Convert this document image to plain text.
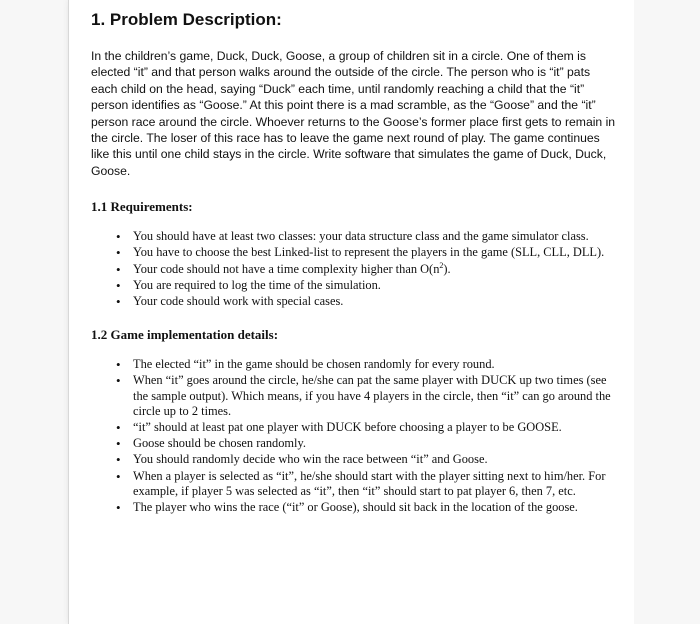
1. Problem Description:

In the children’s game, Duck, Duck, Goose, a group of children sit in a circle. One of them is elected “it” and that person walks around the outside of the circle. The person who is “it” pats each child on the head, saying “Duck” each time, until randomly reaching a child that the “it” person identifies as “Goose.” At this point there is a mad scramble, as the “Goose” and the “it” person race around the circle. Whoever returns to the Goose’s former place first gets to remain in the circle. The loser of this race has to leave the game next round of play. The game continues like this until one child stays in the circle. Write software that simulates the game of Duck, Duck, Goose.

1.1 Requirements:
• You should have at least two classes: your data structure class and the game simulator class.
• You have to choose the best Linked-list to represent the players in the game (SLL, CLL, DLL).
• Your code should not have a time complexity higher than $O(n^2)$.
• You are required to log the time of the simulation.
• Your code should work with special cases.
1.2 Game implementation details:
• The elected “it” in the game should be chosen randomly for every round.
• When “it” goes around the circle, he/she can pat the same player with DUCK up two times (see the sample output). Which means, if you have 4 players in the circle, then “it” can go around the circle up to 2 times.
• “it” should at least pat one player with DUCK before choosing a player to be GOOSE.
• Goose should be chosen randomly.
• You should randomly decide who win the race between “it” and Goose.
• When a player is selected as “it”, he/she should start with the player sitting next to him/her. For example, if player 5 was selected as “it”, then “it” should start to pat player 6, then 7, etc.
• The player who wins the race (“it” or Goose), should sit back in the location of the goose.
